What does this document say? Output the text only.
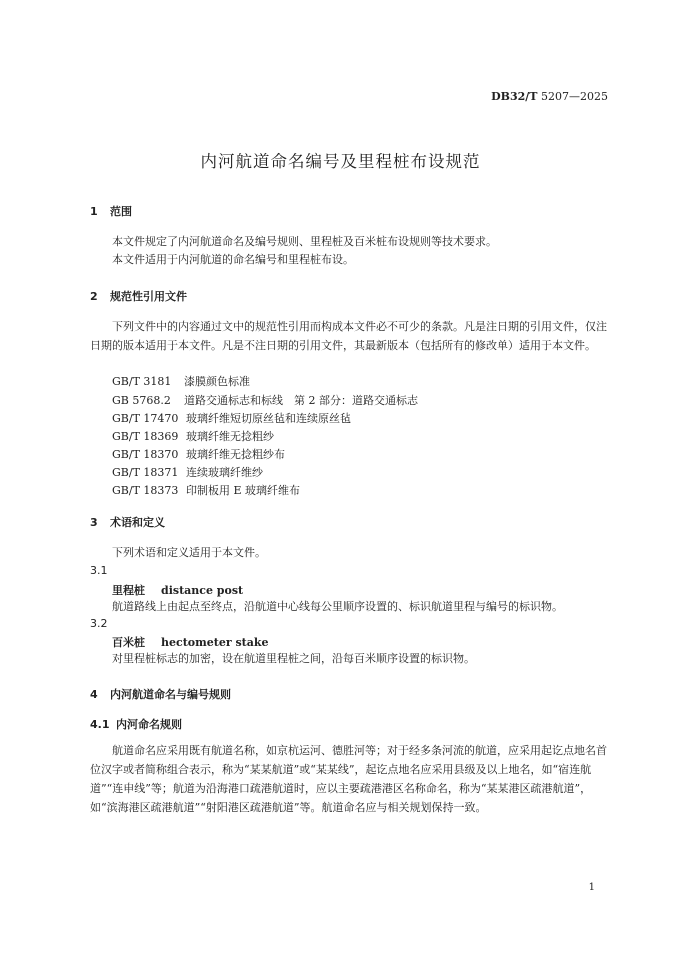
DB32/T 5207—2025
内河航道命名编号及里程桩布设规范
1 范围
本文件规定了内河航道命名及编号规则、里程桩及百米桩布设规则等技术要求。
本文件适用于内河航道的命名编号和里程桩布设。
2 规范性引用文件
下列文件中的内容通过文中的规范性引用而构成本文件必不可少的条款。凡是注日期的引用文件，仅注日期的版本适用于本文件。凡是不注日期的引用文件，其最新版本（包括所有的修改单）适用于本文件。
GB/T 3181 漆膜颜色标准
GB 5768.2 道路交通标志和标线　第 2 部分：道路交通标志
GB/T 17470 玻璃纤维短切原丝毡和连续原丝毡
GB/T 18369 玻璃纤维无捻粗纱
GB/T 18370 玻璃纤维无捻粗纱布
GB/T 18371 连续玻璃纤维纱
GB/T 18373 印制板用 E 玻璃纤维布
3 术语和定义
下列术语和定义适用于本文件。
3.1
里程桩 distance post
航道路线上由起点至终点，沿航道中心线每公里顺序设置的、标识航道里程与编号的标识物。
3.2
百米桩 hectometer stake
对里程桩标志的加密，设在航道里程桩之间，沿每百米顺序设置的标识物。
4 内河航道命名与编号规则
4.1 内河命名规则
航道命名应采用既有航道名称，如京杭运河、德胜河等；对于经多条河流的航道，应采用起讫点地名首位汉字或者简称组合表示，称为“某某航道”或“某某线”，起讫点地名应采用县级及以上地名，如“宿连航道”“连申线”等；航道为沿海港口疏港航道时，应以主要疏港港区名称命名，称为“某某港区疏港航道”，如“滨海港区疏港航道”“射阳港区疏港航道”等。航道命名应与相关规划保持一致。
1
